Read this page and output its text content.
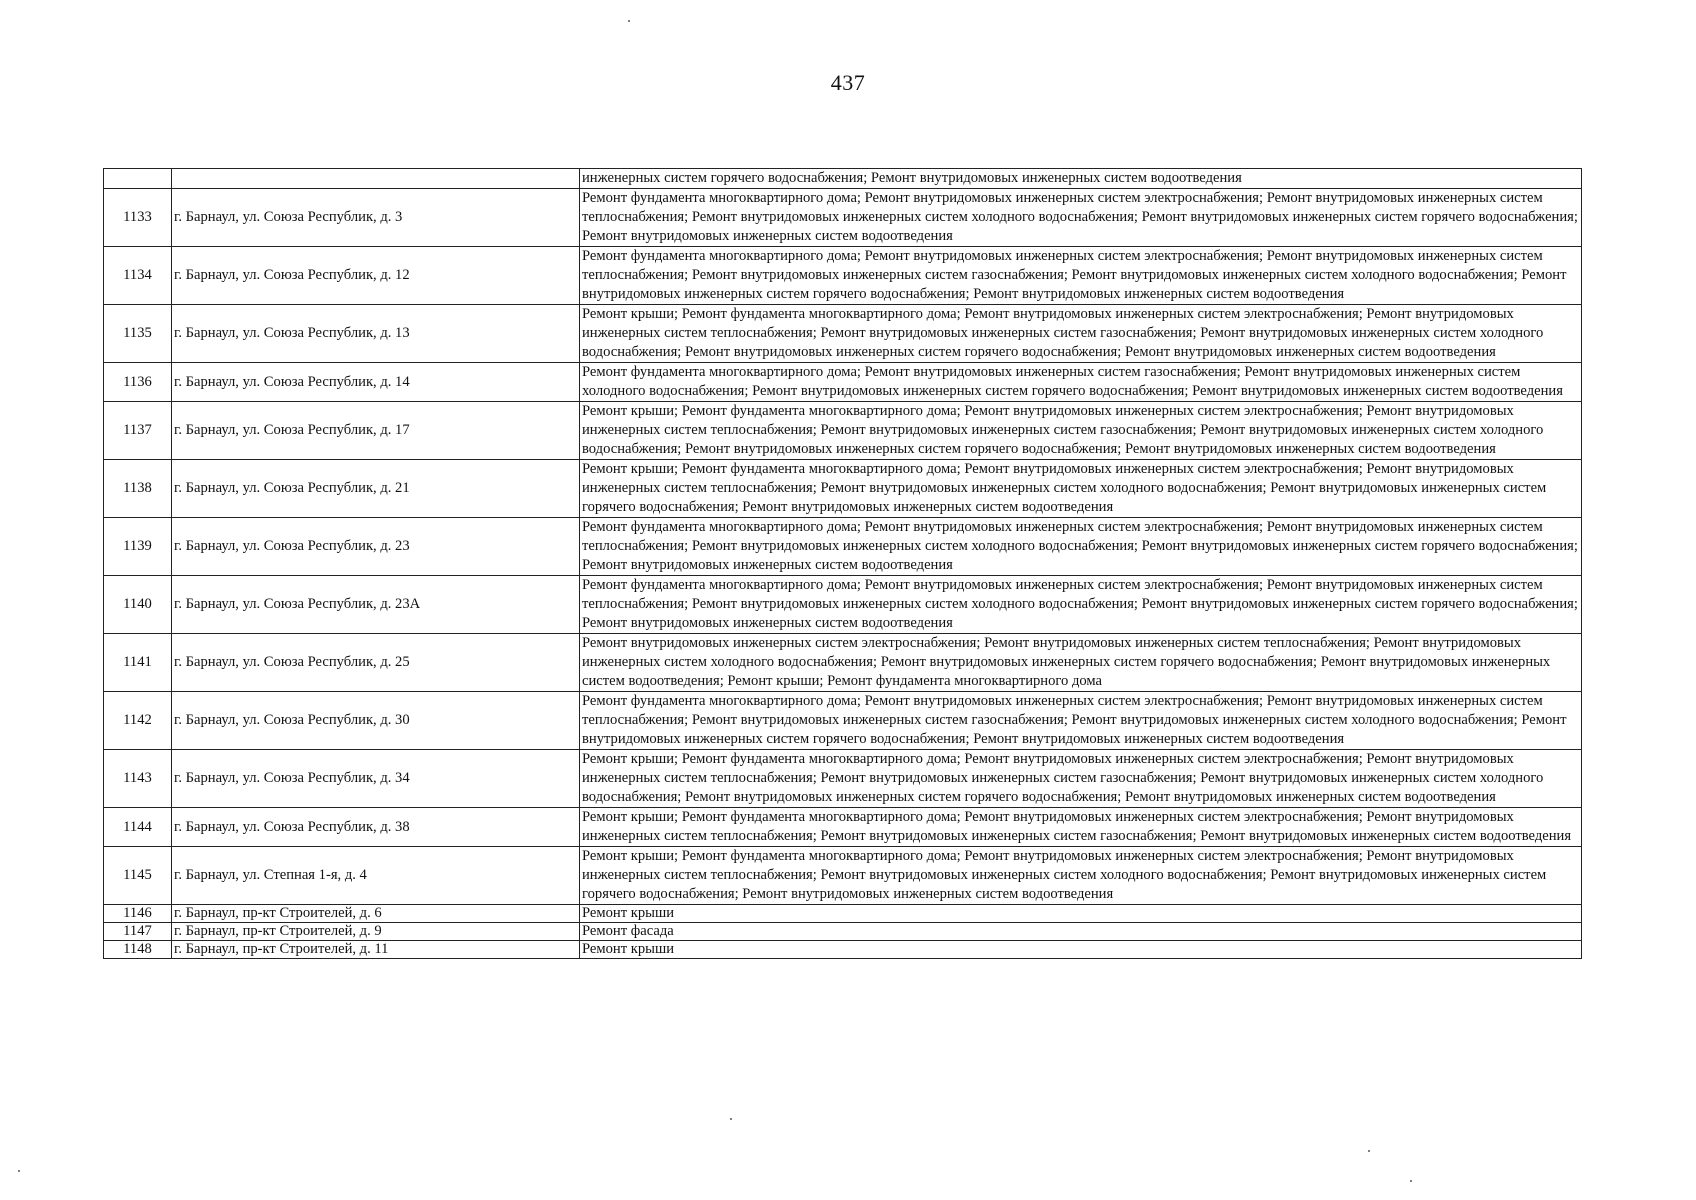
437
		инженерных систем горячего водоснабжения; Ремонт внутридомовых инженерных систем водоотведения
1133	г. Барнаул, ул. Союза Республик, д. 3	Ремонт фундамента многоквартирного дома; Ремонт внутридомовых инженерных систем электроснабжения; Ремонт внутридомовых инженерных систем теплоснабжения; Ремонт внутридомовых инженерных систем холодного водоснабжения; Ремонт внутридомовых инженерных систем горячего водоснабжения; Ремонт внутридомовых инженерных систем водоотведения
1134	г. Барнаул, ул. Союза Республик, д. 12	Ремонт фундамента многоквартирного дома; Ремонт внутридомовых инженерных систем электроснабжения; Ремонт внутридомовых инженерных систем теплоснабжения; Ремонт внутридомовых инженерных систем газоснабжения; Ремонт внутридомовых инженерных систем холодного водоснабжения; Ремонт внутридомовых инженерных систем горячего водоснабжения; Ремонт внутридомовых инженерных систем водоотведения
1135	г. Барнаул, ул. Союза Республик, д. 13	Ремонт крыши; Ремонт фундамента многоквартирного дома; Ремонт внутридомовых инженерных систем электроснабжения; Ремонт внутридомовых инженерных систем теплоснабжения; Ремонт внутридомовых инженерных систем газоснабжения; Ремонт внутридомовых инженерных систем холодного водоснабжения; Ремонт внутридомовых инженерных систем горячего водоснабжения; Ремонт внутридомовых инженерных систем водоотведения
1136	г. Барнаул, ул. Союза Республик, д. 14	Ремонт фундамента многоквартирного дома; Ремонт внутридомовых инженерных систем газоснабжения; Ремонт внутридомовых инженерных систем холодного водоснабжения; Ремонт внутридомовых инженерных систем горячего водоснабжения; Ремонт внутридомовых инженерных систем водоотведения
1137	г. Барнаул, ул. Союза Республик, д. 17	Ремонт крыши; Ремонт фундамента многоквартирного дома; Ремонт внутридомовых инженерных систем электроснабжения; Ремонт внутридомовых инженерных систем теплоснабжения; Ремонт внутридомовых инженерных систем газоснабжения; Ремонт внутридомовых инженерных систем холодного водоснабжения; Ремонт внутридомовых инженерных систем горячего водоснабжения; Ремонт внутридомовых инженерных систем водоотведения
1138	г. Барнаул, ул. Союза Республик, д. 21	Ремонт крыши; Ремонт фундамента многоквартирного дома; Ремонт внутридомовых инженерных систем электроснабжения; Ремонт внутридомовых инженерных систем теплоснабжения; Ремонт внутридомовых инженерных систем холодного водоснабжения; Ремонт внутридомовых инженерных систем горячего водоснабжения; Ремонт внутридомовых инженерных систем водоотведения
1139	г. Барнаул, ул. Союза Республик, д. 23	Ремонт фундамента многоквартирного дома; Ремонт внутридомовых инженерных систем электроснабжения; Ремонт внутридомовых инженерных систем теплоснабжения; Ремонт внутридомовых инженерных систем холодного водоснабжения; Ремонт внутридомовых инженерных систем горячего водоснабжения; Ремонт внутридомовых инженерных систем водоотведения
1140	г. Барнаул, ул. Союза Республик, д. 23А	Ремонт фундамента многоквартирного дома; Ремонт внутридомовых инженерных систем электроснабжения; Ремонт внутридомовых инженерных систем теплоснабжения; Ремонт внутридомовых инженерных систем холодного водоснабжения; Ремонт внутридомовых инженерных систем горячего водоснабжения; Ремонт внутридомовых инженерных систем водоотведения
1141	г. Барнаул, ул. Союза Республик, д. 25	Ремонт внутридомовых инженерных систем электроснабжения; Ремонт внутридомовых инженерных систем теплоснабжения; Ремонт внутридомовых инженерных систем холодного водоснабжения; Ремонт внутридомовых инженерных систем горячего водоснабжения; Ремонт внутридомовых инженерных систем водоотведения; Ремонт крыши; Ремонт фундамента многоквартирного дома
1142	г. Барнаул, ул. Союза Республик, д. 30	Ремонт фундамента многоквартирного дома; Ремонт внутридомовых инженерных систем электроснабжения; Ремонт внутридомовых инженерных систем теплоснабжения; Ремонт внутридомовых инженерных систем газоснабжения; Ремонт внутридомовых инженерных систем холодного водоснабжения; Ремонт внутридомовых инженерных систем горячего водоснабжения; Ремонт внутридомовых инженерных систем водоотведения
1143	г. Барнаул, ул. Союза Республик, д. 34	Ремонт крыши; Ремонт фундамента многоквартирного дома; Ремонт внутридомовых инженерных систем электроснабжения; Ремонт внутридомовых инженерных систем теплоснабжения; Ремонт внутридомовых инженерных систем газоснабжения; Ремонт внутридомовых инженерных систем холодного водоснабжения; Ремонт внутридомовых инженерных систем горячего водоснабжения; Ремонт внутридомовых инженерных систем водоотведения
1144	г. Барнаул, ул. Союза Республик, д. 38	Ремонт крыши; Ремонт фундамента многоквартирного дома; Ремонт внутридомовых инженерных систем электроснабжения; Ремонт внутридомовых инженерных систем теплоснабжения; Ремонт внутридомовых инженерных систем газоснабжения; Ремонт внутридомовых инженерных систем водоотведения
1145	г. Барнаул, ул. Степная 1-я, д. 4	Ремонт крыши; Ремонт фундамента многоквартирного дома; Ремонт внутридомовых инженерных систем электроснабжения; Ремонт внутридомовых инженерных систем теплоснабжения; Ремонт внутридомовых инженерных систем холодного водоснабжения; Ремонт внутридомовых инженерных систем горячего водоснабжения; Ремонт внутридомовых инженерных систем водоотведения
1146	г. Барнаул, пр-кт Строителей, д. 6	Ремонт крыши
1147	г. Барнаул, пр-кт Строителей, д. 9	Ремонт фасада
1148	г. Барнаул, пр-кт Строителей, д. 11	Ремонт крыши
